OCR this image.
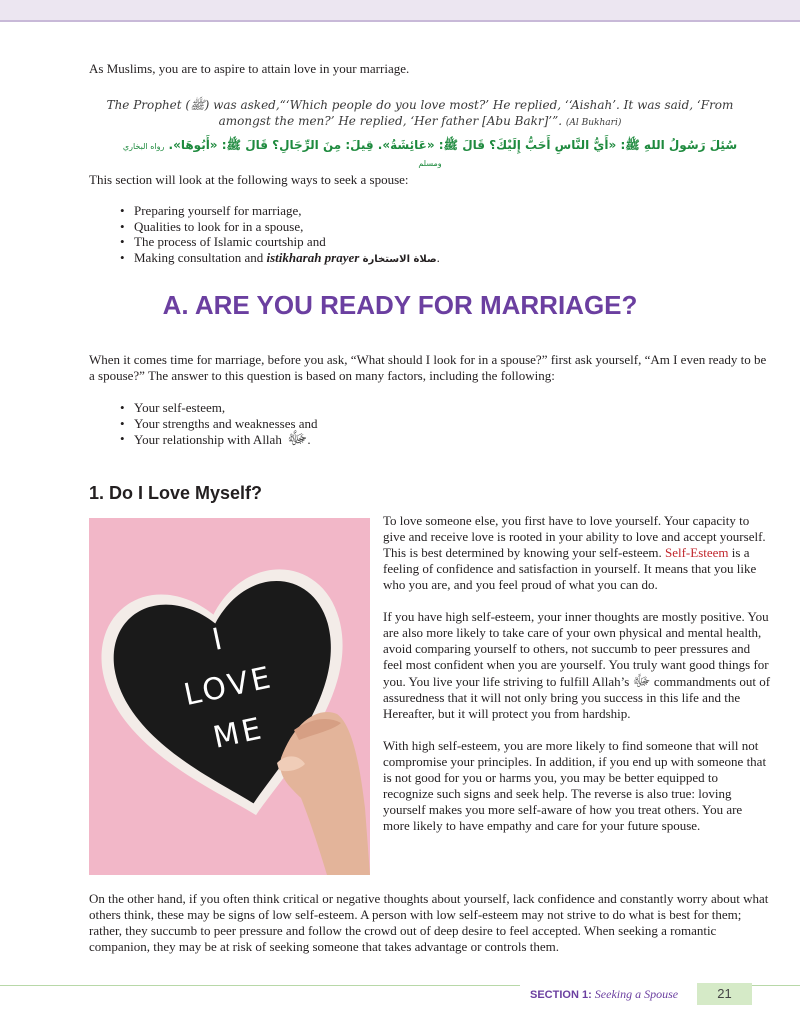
As Muslims, you are to aspire to attain love in your marriage.

The Prophet (ﷺ) was asked,“‘Which people do you love most?’ He replied, ‘‘Aishah’. It was said, ‘From
amongst the men?’ He replied, ‘Her father [Abu Bakr]’”. (Al Bukhari)
سُئِلَ رَسُولُ اللهِ ﷺ: «أَيُّ النَّاسِ أَحَبُّ إِلَيْكَ؟ قَالَ ﷺ: «عَائِشَةُ». قِيلَ: مِنَ الرِّجَالِ؟ قَالَ ﷺ: «أَبُوهَا». رواه البخاري ومسلم

This section will look at the following ways to seek a spouse:

• Preparing yourself for marriage,
• Qualities to look for in a spouse,
• The process of Islamic courtship and
• Making consultation and istikharah prayer صلاة الاستخارة.
A. ARE YOU READY FOR MARRIAGE?

When it comes time for marriage, before you ask, “What should I look for in a spouse?” first ask yourself, “Am I even ready to be a spouse?” The answer to this question is based on many factors, including the following:

• Your self-esteem,
• Your strengths and weaknesses and
• Your relationship with Allah ﷻ.
1. Do I Love Myself?
I
LOVE
ME

To love someone else, you first have to love yourself. Your capacity to give and receive love is rooted in your ability to love and accept yourself. This is best determined by knowing your self-esteem. Self-Esteem is a feeling of confidence and satisfaction in yourself. It means that you like who you are, and you feel proud of what you can do.

If you have high self-esteem, your inner thoughts are mostly positive. You are also more likely to take care of your own physical and mental health, avoid comparing yourself to others, not succumb to peer pressures and feel most confident when you are yourself. You truly want good things for you. You live your life striving to fulfill Allah’s ﷻ commandments out of assuredness that it will not only bring you success in this life and the Hereafter, but it will protect you from hardship.

With high self-esteem, you are more likely to find someone that will not compromise your principles. In addition, if you end up with someone that is not good for you or harms you, you may be better equipped to recognize such signs and seek help. The reverse is also true: loving yourself makes you more self-aware of how you treat others. You are more likely to have empathy and care for your future spouse.

On the other hand, if you often think critical or negative thoughts about yourself, lack confidence and constantly worry about what others think, these may be signs of low self-esteem. A person with low self-esteem may not strive to do what is best for them; rather, they succumb to peer pressure and follow the crowd out of deep desire to feel accepted. When seeking a romantic companion, they may be at risk of seeking someone that takes advantage or controls them.

SECTION 1: Seeking a Spouse	21
